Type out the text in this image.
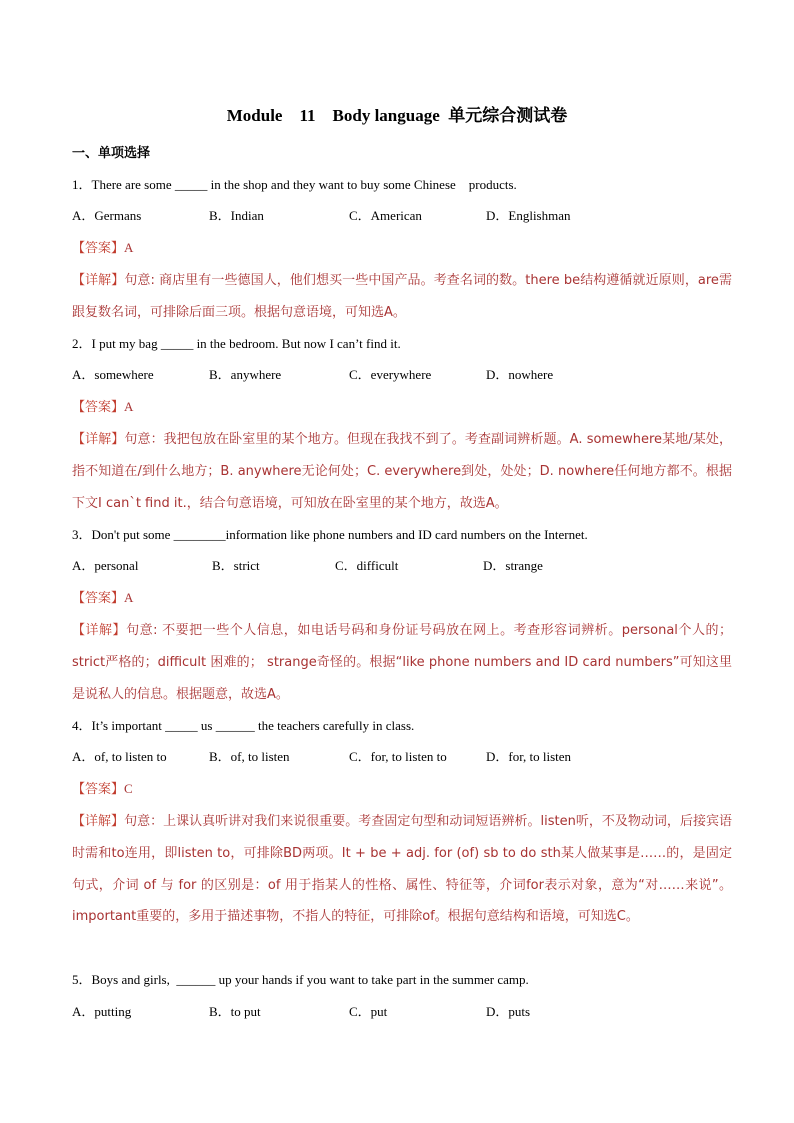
Module    11    Body language  单元综合测试卷
一、单项选择
1．There are some _____ in the shop and they want to buy some Chinese    products.
A．Germans	B．Indian	C．American	D．Englishman
【答案】A
【详解】句意: 商店里有一些德国人，他们想买一些中国产品。考查名词的数。there be结构遵循就近原则，are需跟复数名词，可排除后面三项。根据句意语境，可知选A。
2．I put my bag _____ in the bedroom. But now I can’t find it.
A．somewhere	B．anywhere	C．everywhere	D．nowhere
【答案】A
【详解】句意：我把包放在卧室里的某个地方。但现在我找不到了。考查副词辨析题。A. somewhere某地/某处，指不知道在/到什么地方；B. anywhere无论何处；C. everywhere到处，处处；D. nowhere任何地方都不。根据下文I can`t find it.，结合句意语境，可知放在卧室里的某个地方，故选A。
3．Don't put some ________information like phone numbers and ID card numbers on the Internet.
A．personal	B．strict	C．difficult	D．strange
【答案】A
【详解】句意: 不要把一些个人信息，如电话号码和身份证号码放在网上。考查形容词辨析。personal个人的； strict严格的；difficult 困难的； strange奇怪的。根据“like phone numbers and ID card numbers”可知这里是说私人的信息。根据题意，故选A。
4．It’s important _____ us ______ the teachers carefully in class.
A．of, to listen to	B．of, to listen	C．for, to listen to	D．for, to listen
【答案】C
【详解】句意：上课认真听讲对我们来说很重要。考查固定句型和动词短语辨析。listen听，不及物动词，后接宾语时需和to连用，即listen to，可排除BD两项。It + be + adj. for (of) sb to do sth某人做某事是……的，是固定句式，介词 of 与 for 的区别是：of 用于指某人的性格、属性、特征等，介词for表示对象，意为“对……来说”。important重要的，多用于描述事物，不指人的特征，可排除of。根据句意结构和语境，可知选C。
5．Boys and girls,  ______ up your hands if you want to take part in the summer camp.
A．putting	B．to put	C．put	D．puts
